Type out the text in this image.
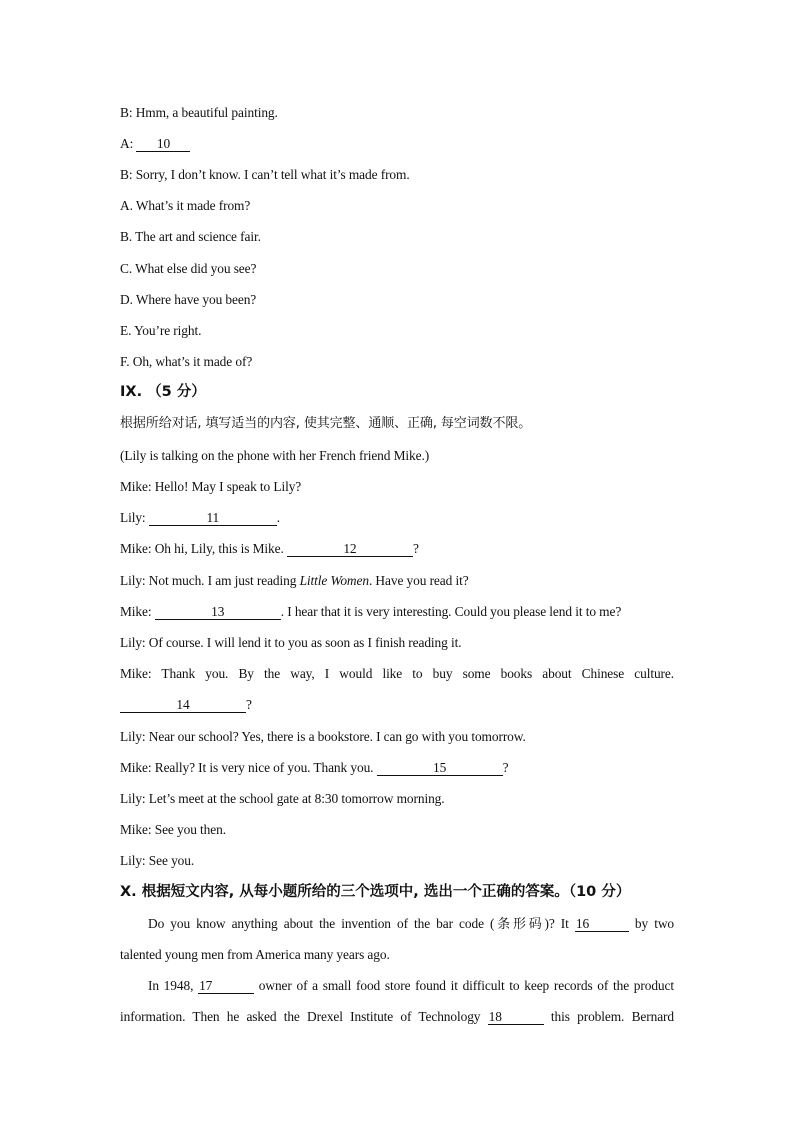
B: Hmm, a beautiful painting.
A: 10
B: Sorry, I don’t know. I can’t tell what it’s made from.
A. What’s it made from?
B. The art and science fair.
C. What else did you see?
D. Where have you been?
E. You’re right.
F. Oh, what’s it made of?
IX. （5 分）
根据所给对话, 填写适当的内容, 使其完整、通顺、正确, 每空词数不限。
(Lily is talking on the phone with her French friend Mike.)
Mike: Hello! May I speak to Lily?
Lily:	11	.
Mike: Oh hi, Lily, this is Mike.	12	?
Lily: Not much. I am just reading Little Women. Have you read it?
Mike:	13	. I hear that it is very interesting. Could you please lend it to me?
Lily: Of course. I will lend it to you as soon as I finish reading it.
Mike: Thank you. By the way, I would like to buy some books about Chinese culture.
14	?
Lily: Near our school? Yes, there is a bookstore. I can go with you tomorrow.
Mike: Really? It is very nice of you. Thank you.	15	?
Lily: Let’s meet at the school gate at 8:30 tomorrow morning.
Mike: See you then.
Lily: See you.
X. 根据短文内容, 从每小题所给的三个选项中, 选出一个正确的答案。（10 分）
Do you know anything about the invention of the bar code (条形码)? It 16	by two
talented young men from America many years ago.
In 1948, 17	owner of a small food store found it difficult to keep records of the product
information. Then he asked the Drexel Institute of Technology 18	this problem. Bernard
